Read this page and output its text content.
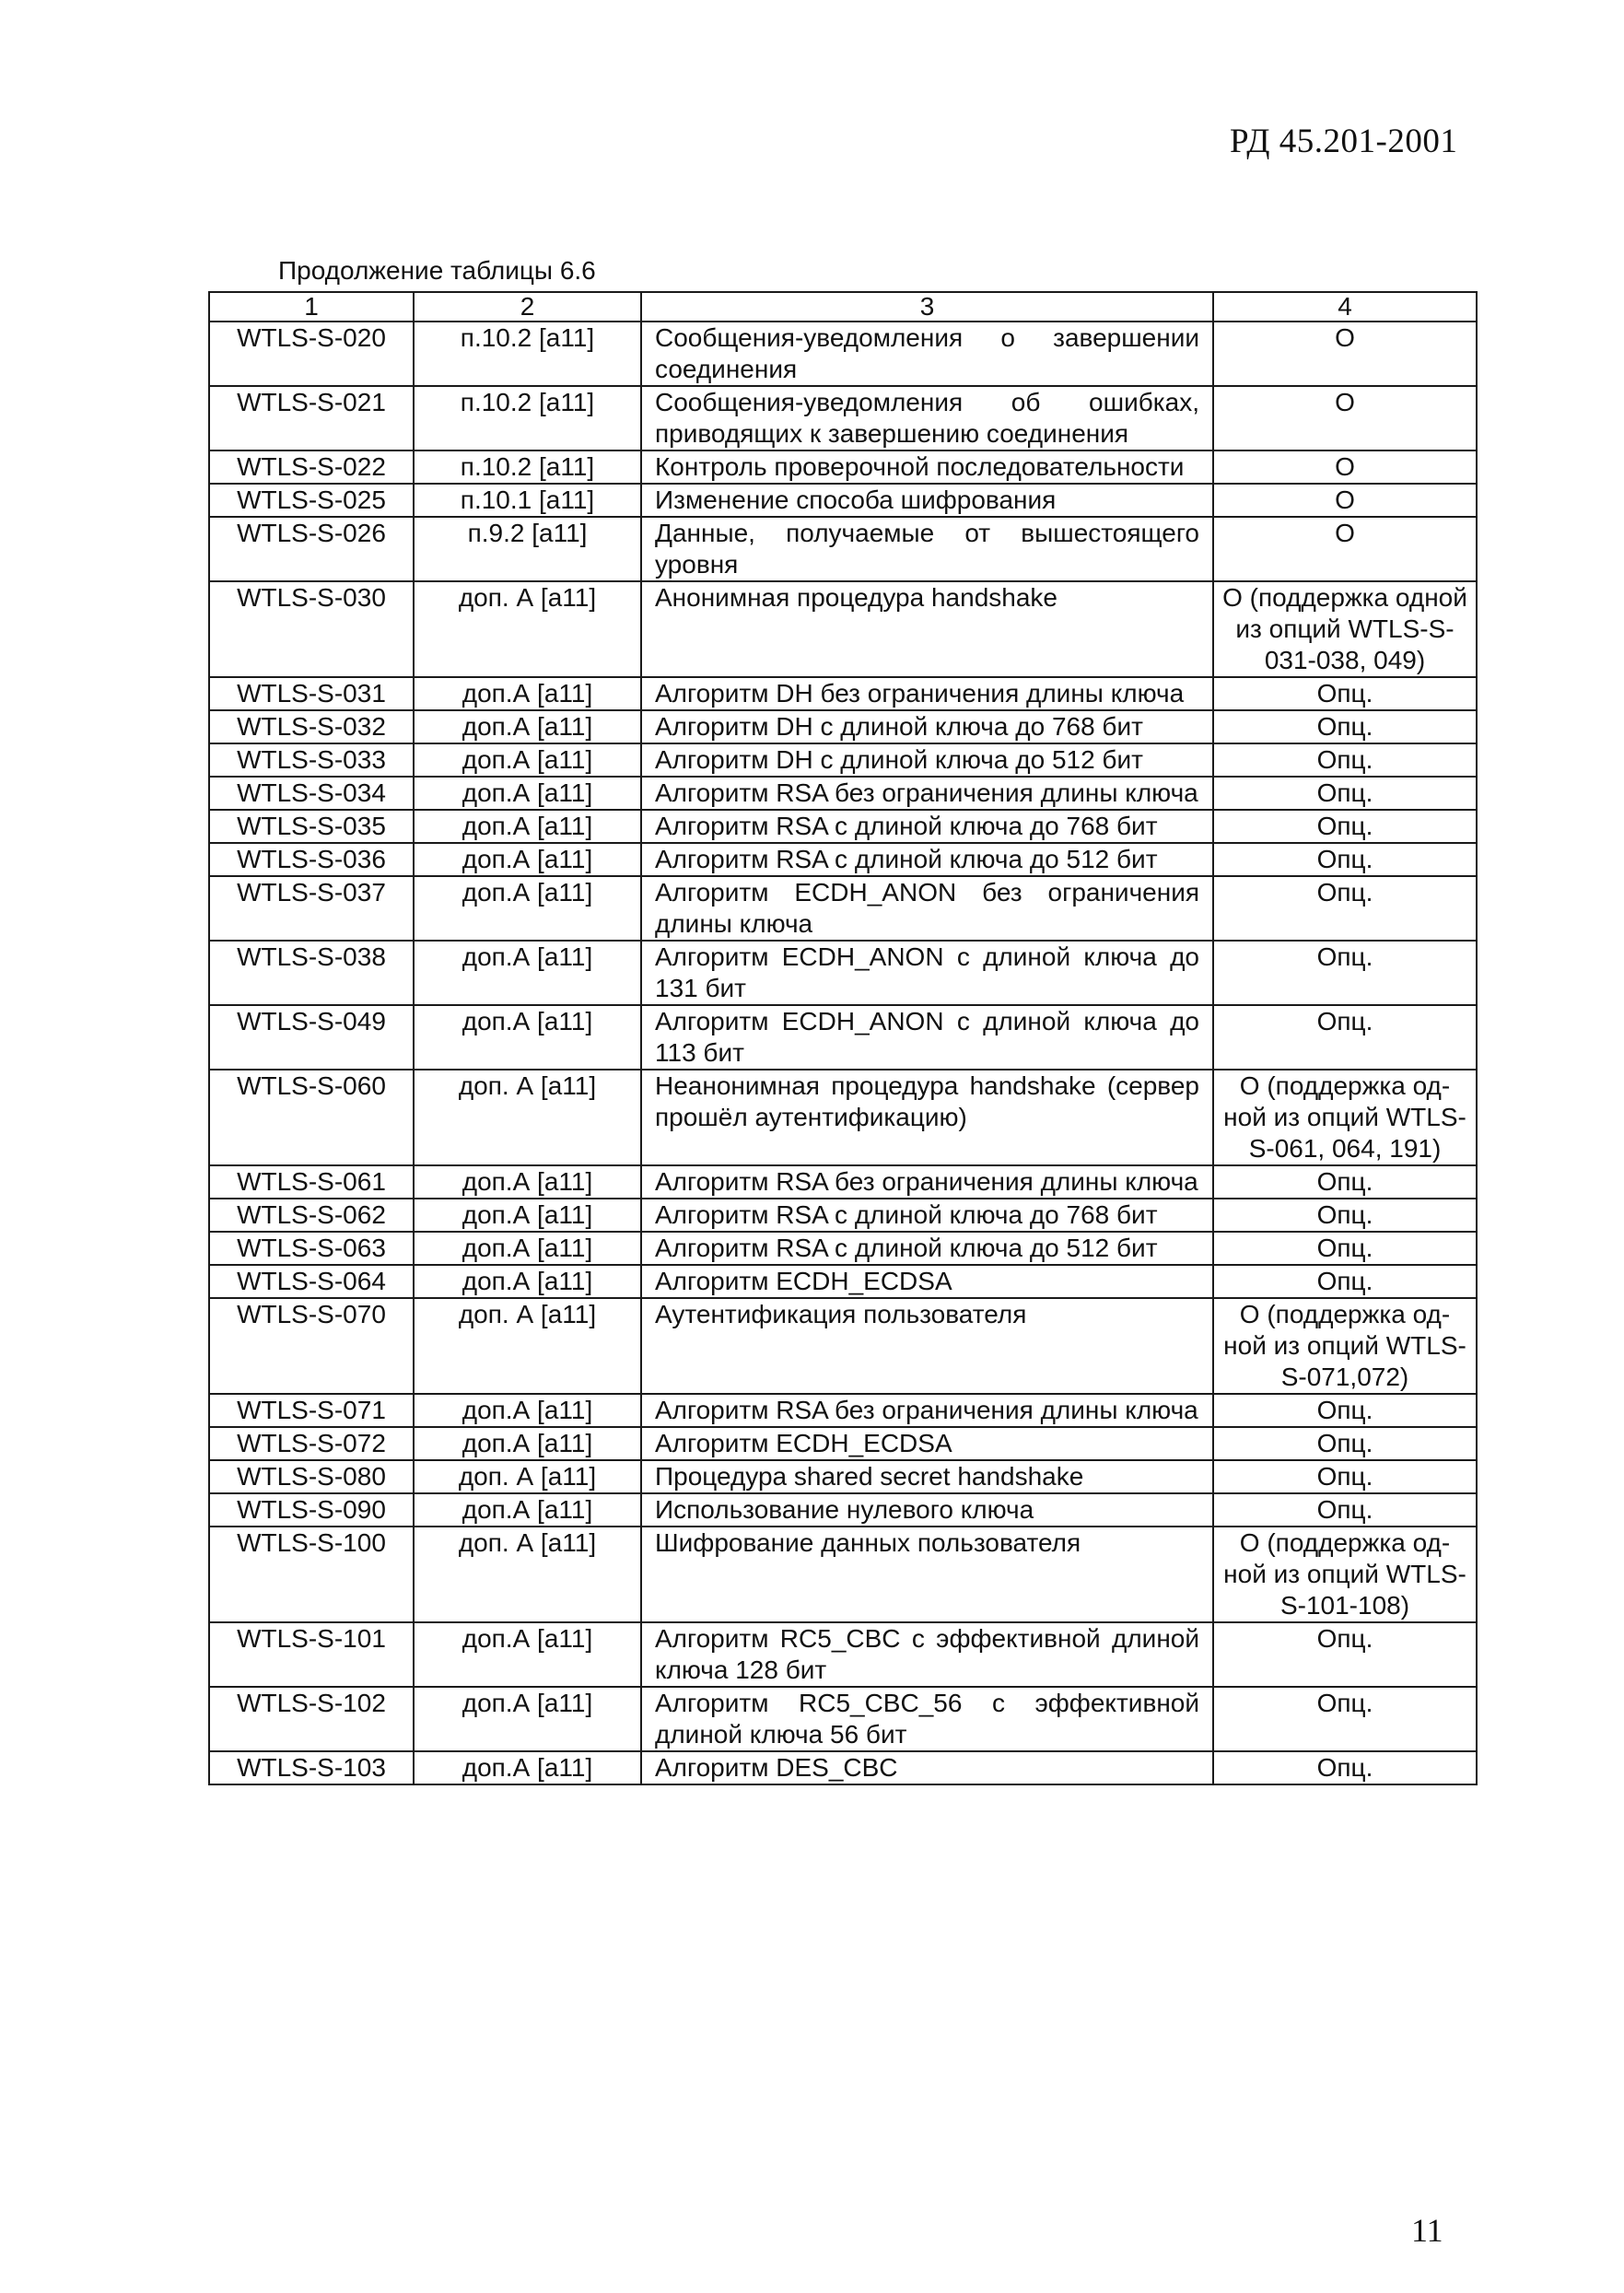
РД 45.201-2001
Продолжение таблицы 6.6
1	2	3	4
WTLS-S-020	п.10.2 [a11]	Сообщения-уведомления о завершении соединения	О
WTLS-S-021	п.10.2 [a11]	Сообщения-уведомления об ошибках, приводящих к завершению соединения	О
WTLS-S-022	п.10.2 [a11]	Контроль проверочной последовательности	О
WTLS-S-025	п.10.1 [a11]	Изменение способа шифрования	О
WTLS-S-026	п.9.2 [a11]	Данные, получаемые от вышестоящего уровня	О
WTLS-S-030	доп. А [a11]	Анонимная процедура handshake	О (поддержка одной из опций WTLS-S-031-038, 049)
WTLS-S-031	доп.А [a11]	Алгоритм DH без ограничения длины ключа	Опц.
WTLS-S-032	доп.А [a11]	Алгоритм DH с длиной ключа до 768 бит	Опц.
WTLS-S-033	доп.А [a11]	Алгоритм DH с длиной ключа до 512 бит	Опц.
WTLS-S-034	доп.А [a11]	Алгоритм RSA без ограничения длины ключа	Опц.
WTLS-S-035	доп.А [a11]	Алгоритм RSA с длиной ключа до 768 бит	Опц.
WTLS-S-036	доп.А [a11]	Алгоритм RSA с длиной ключа до 512 бит	Опц.
WTLS-S-037	доп.А [a11]	Алгоритм ECDH_ANON без ограничения длины ключа	Опц.
WTLS-S-038	доп.А [a11]	Алгоритм ECDH_ANON с длиной ключа до 131 бит	Опц.
WTLS-S-049	доп.А [a11]	Алгоритм ECDH_ANON с длиной ключа до 113 бит	Опц.
WTLS-S-060	доп. А [a11]	Неанонимная процедура handshake (сервер прошёл аутентификацию)	О (поддержка од- ной из опций WTLS-S-061, 064, 191)
WTLS-S-061	доп.А [a11]	Алгоритм RSA без ограничения длины ключа	Опц.
WTLS-S-062	доп.А [a11]	Алгоритм RSA с длиной ключа до 768 бит	Опц.
WTLS-S-063	доп.А [a11]	Алгоритм RSA с длиной ключа до 512 бит	Опц.
WTLS-S-064	доп.А [a11]	Алгоритм ECDH_ECDSA	Опц.
WTLS-S-070	доп. А [a11]	Аутентификация пользователя	О (поддержка од- ной из опций WTLS-S-071,072)
WTLS-S-071	доп.А [a11]	Алгоритм RSA без ограничения длины ключа	Опц.
WTLS-S-072	доп.А [a11]	Алгоритм ECDH_ECDSA	Опц.
WTLS-S-080	доп. А [a11]	Процедура shared secret handshake	Опц.
WTLS-S-090	доп.А [a11]	Использование нулевого ключа	Опц.
WTLS-S-100	доп. А [a11]	Шифрование данных пользователя	О (поддержка од- ной из опций WTLS-S-101-108)
WTLS-S-101	доп.А [a11]	Алгоритм RC5_CBC с эффективной длиной ключа 128 бит	Опц.
WTLS-S-102	доп.А [a11]	Алгоритм RC5_CBC_56 с эффективной длиной ключа 56 бит	Опц.
WTLS-S-103	доп.А [a11]	Алгоритм DES_CBC	Опц.
11
